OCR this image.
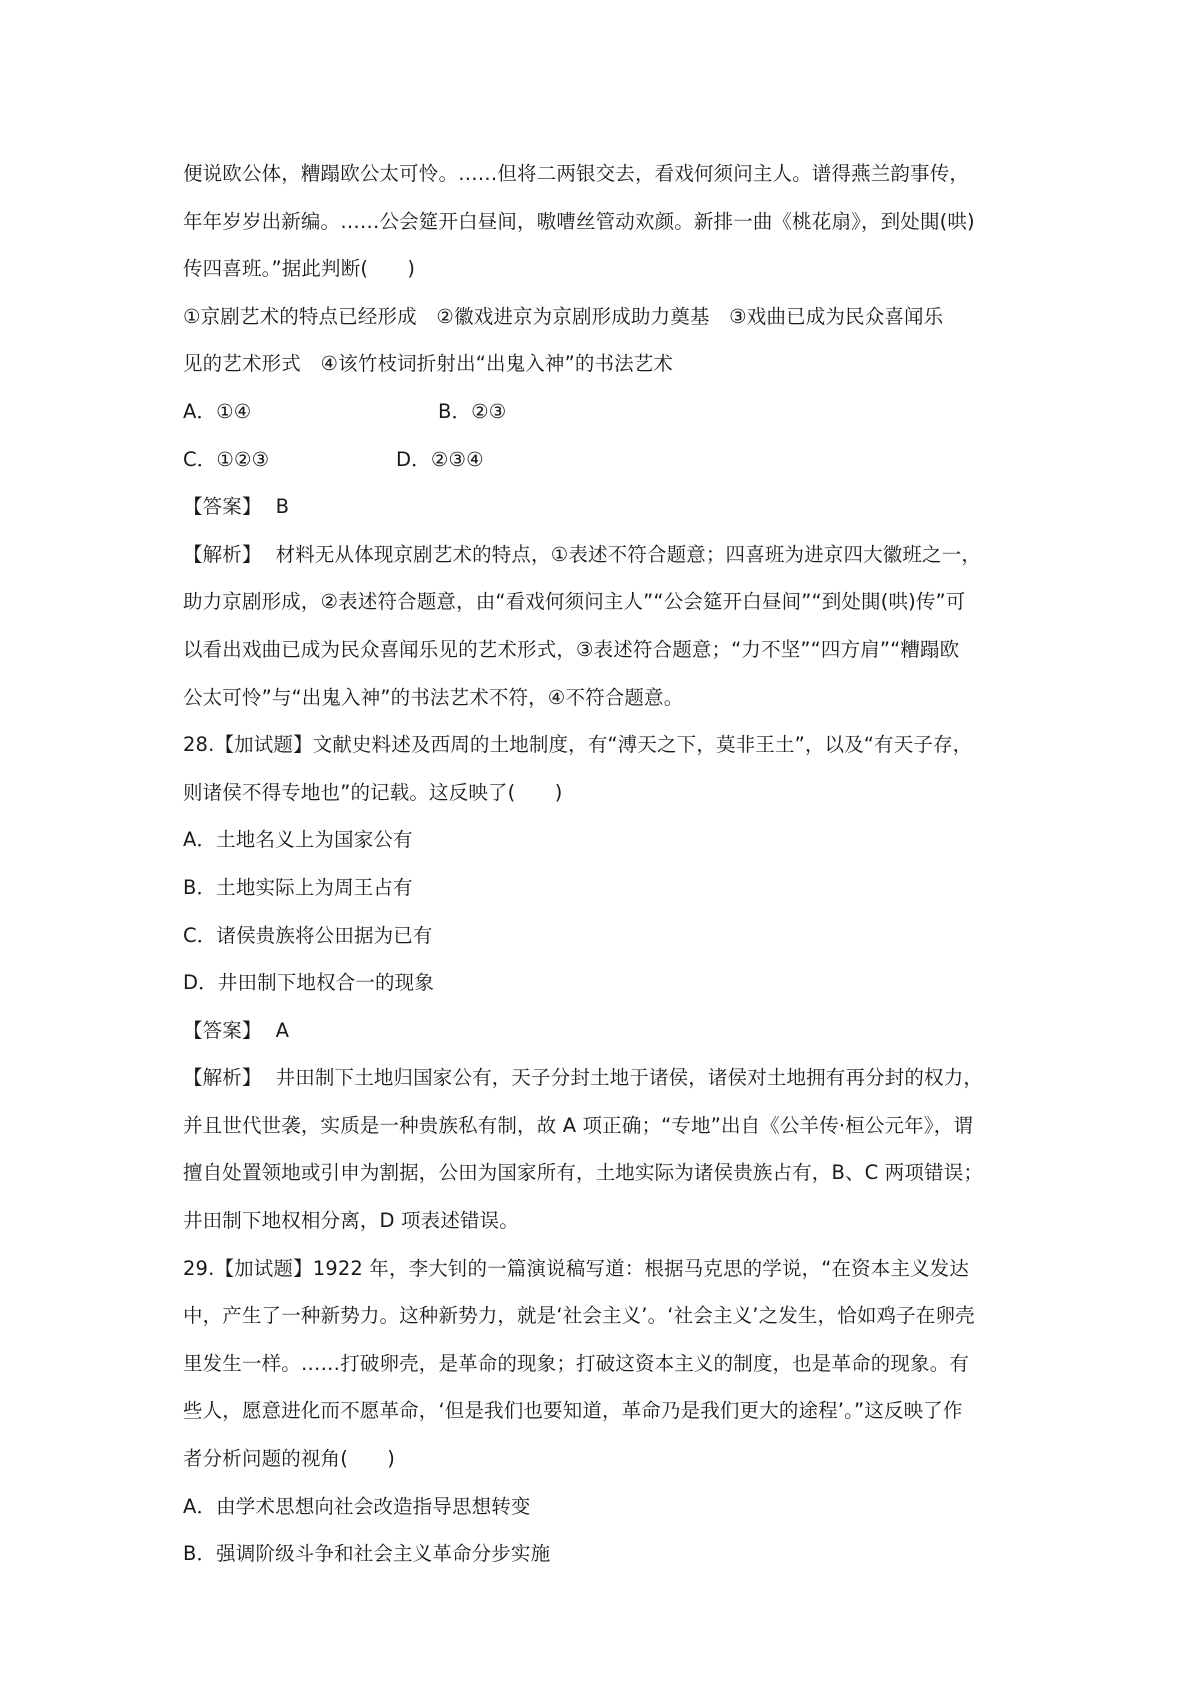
便说欧公体，糟蹋欧公太可怜。……但将二两银交去，看戏何须问主人。谱得燕兰韵事传，
年年岁岁出新编。……公会筵开白昼间，嗷嘈丝管动欢颜。新排一曲《桃花扇》，到处閧(哄)
传四喜班。”据此判断(　　)
①京剧艺术的特点已经形成　②徽戏进京为京剧形成助力奠基　③戏曲已成为民众喜闻乐
见的艺术形式　④该竹枝词折射出“出鬼入神”的书法艺术
A．①④	B．②③
C．①②③	D．②③④
【答案】 B
【解析】 材料无从体现京剧艺术的特点，①表述不符合题意；四喜班为进京四大徽班之一，
助力京剧形成，②表述符合题意，由“看戏何须问主人”“公会筵开白昼间”“到处閧(哄)传”可
以看出戏曲已成为民众喜闻乐见的艺术形式，③表述符合题意；“力不坚”“四方肩”“糟蹋欧
公太可怜”与“出鬼入神”的书法艺术不符，④不符合题意。
28.【加试题】文献史料述及西周的土地制度，有“溥天之下，莫非王土”，以及“有天子存，
则诸侯不得专地也”的记载。这反映了(　　)
A．土地名义上为国家公有
B．土地实际上为周王占有
C．诸侯贵族将公田据为已有
D．井田制下地权合一的现象
【答案】 A
【解析】 井田制下土地归国家公有，天子分封土地于诸侯，诸侯对土地拥有再分封的权力，
并且世代世袭，实质是一种贵族私有制，故 A 项正确；“专地”出自《公羊传·桓公元年》，谓
擅自处置领地或引申为割据，公田为国家所有，土地实际为诸侯贵族占有，B、C 两项错误；
井田制下地权相分离，D 项表述错误。
29.【加试题】1922 年，李大钊的一篇演说稿写道：根据马克思的学说，“在资本主义发达
中，产生了一种新势力。这种新势力，就是‘社会主义’。‘社会主义’之发生，恰如鸡子在卵壳
里发生一样。……打破卵壳，是革命的现象；打破这资本主义的制度，也是革命的现象。有
些人，愿意进化而不愿革命，‘但是我们也要知道，革命乃是我们更大的途程’。”这反映了作
者分析问题的视角(　　)
A．由学术思想向社会改造指导思想转变
B．强调阶级斗争和社会主义革命分步实施
